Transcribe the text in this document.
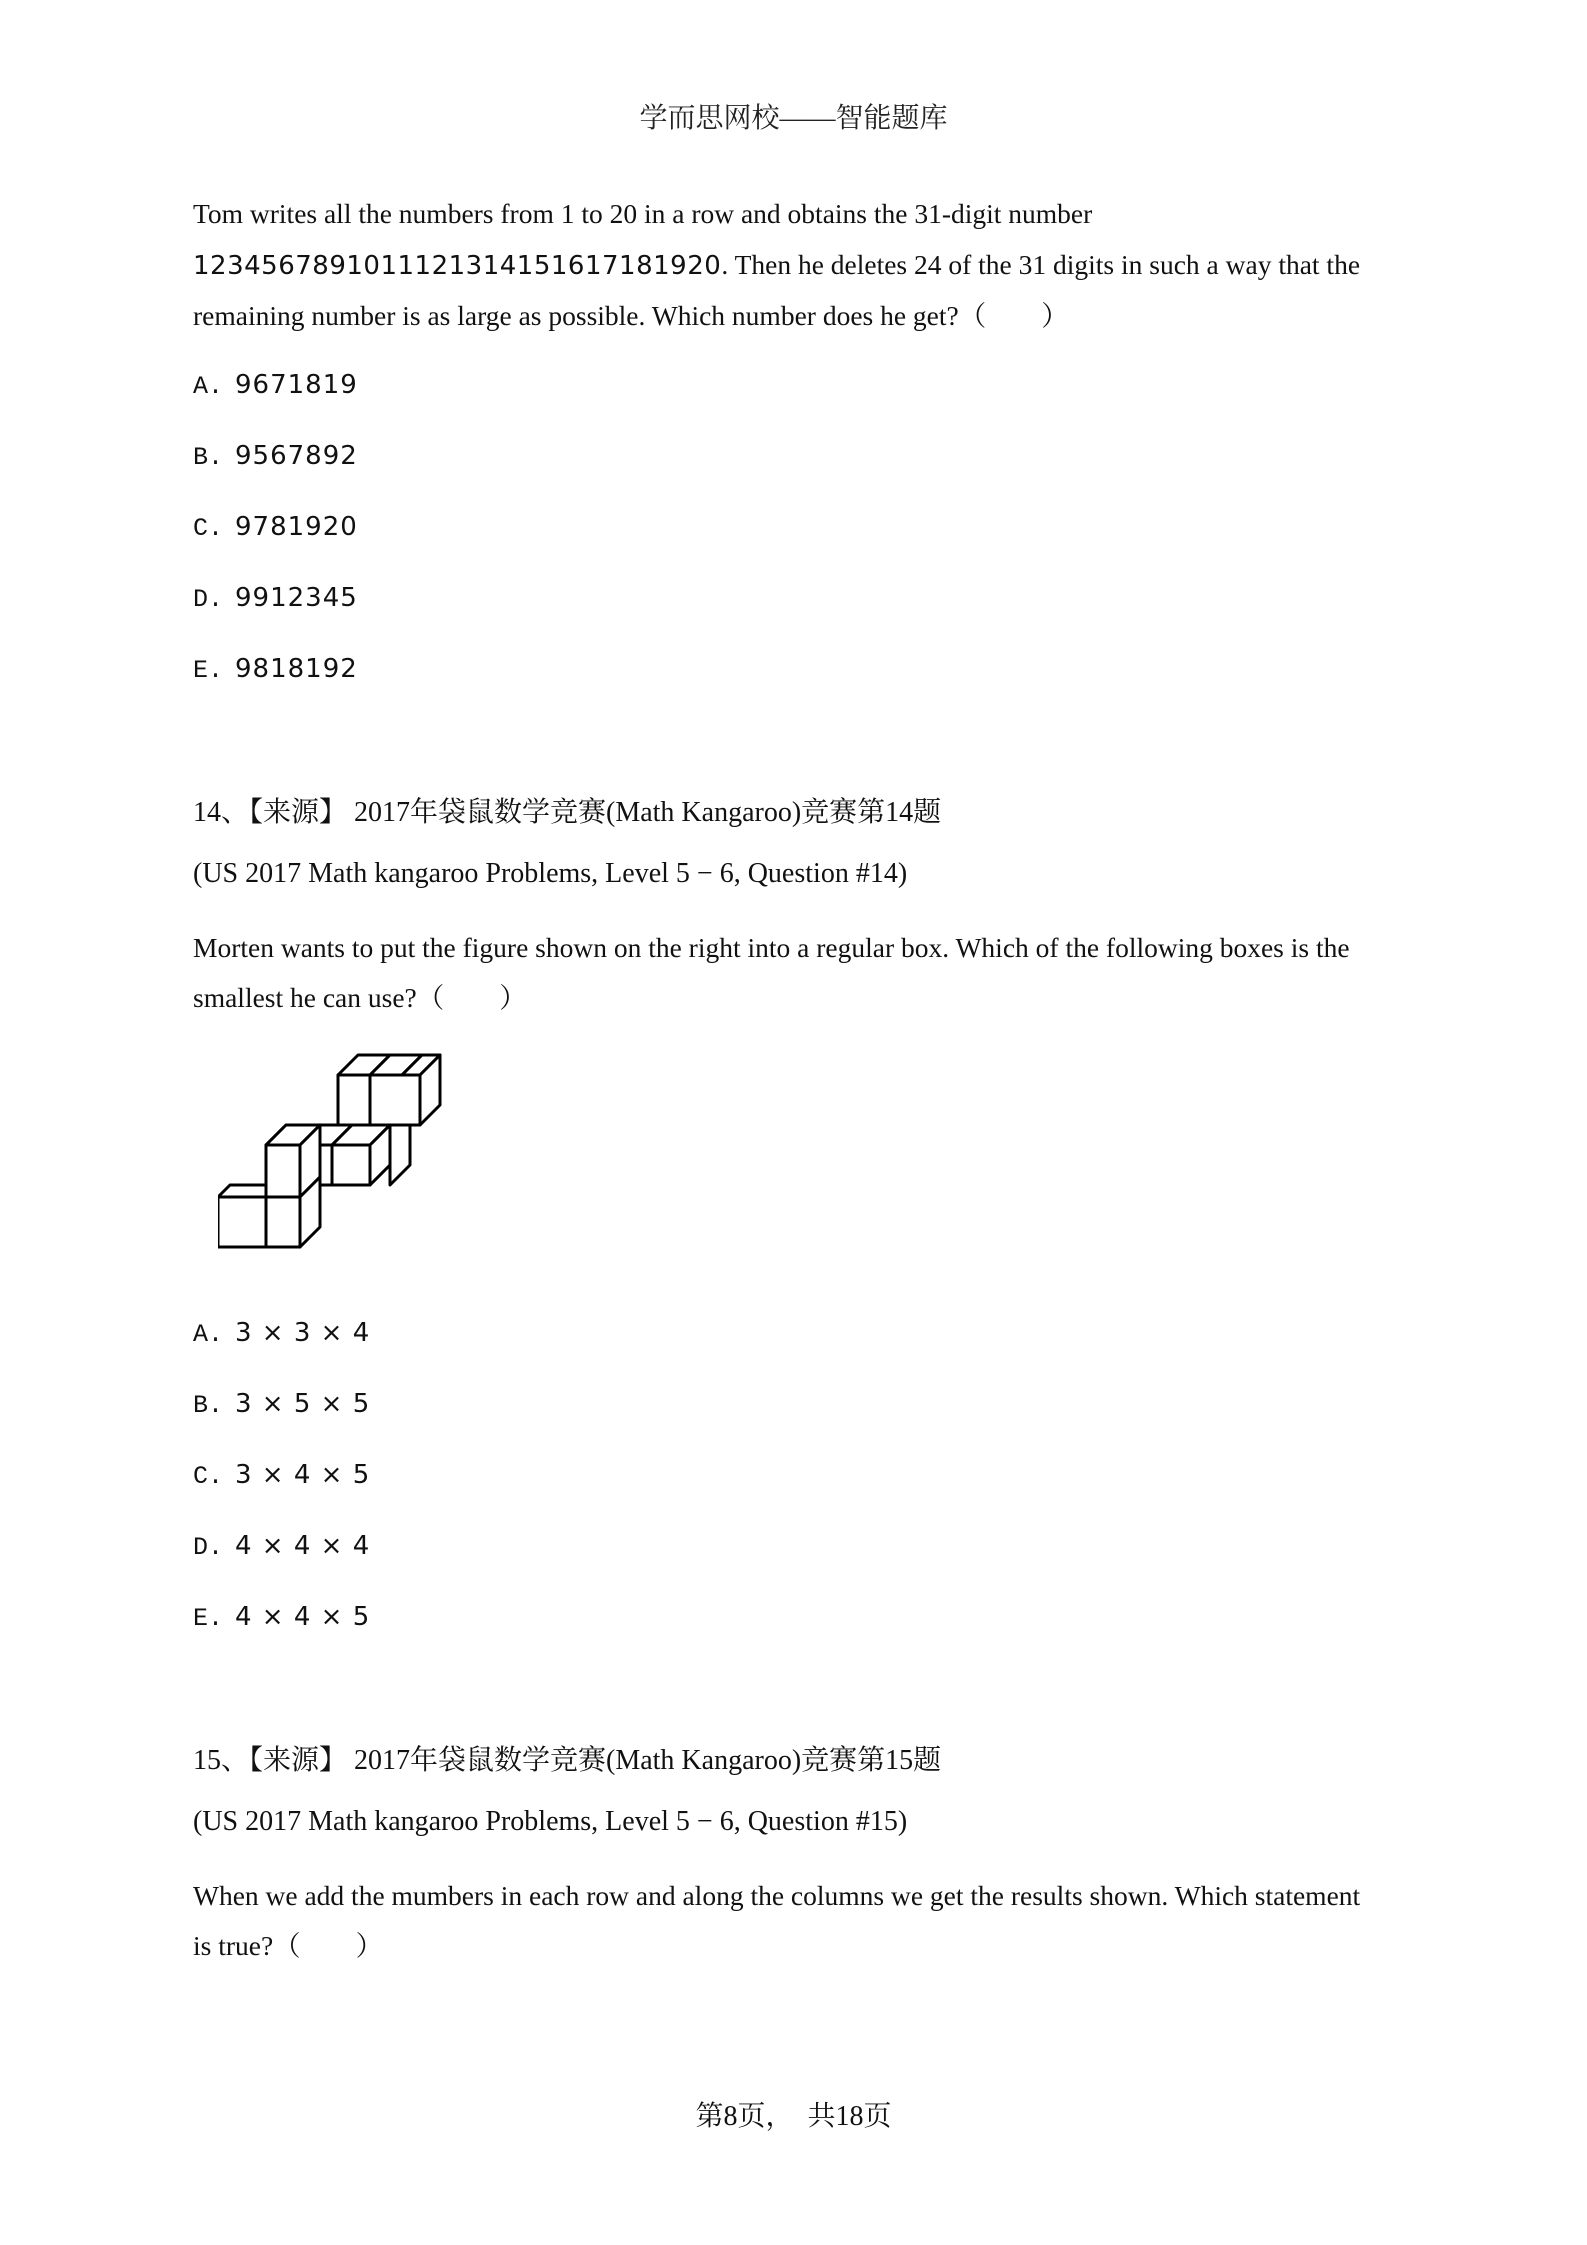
学而思网校——智能题库

Tom writes all the numbers from 1 to 20 in a row and obtains the 31-digit number

1234567891011121314151617181920. Then he deletes 24 of the 31 digits in such a way that the

remaining number is as large as possible. Which number does he get?（　　）

A. 9671819
B. 9567892
C. 9781920
D. 9912345
E. 9818192
14、【来源】 2017年袋鼠数学竞赛(Math Kangaroo)竞赛第14题
(US 2017 Math kangaroo Problems, Level 5 − 6, Question #14)

Morten wants to put the figure shown on the right into a regular box. Which of the following boxes is the

smallest he can use?（　　）

A. 3 × 3 × 4
B. 3 × 5 × 5
C. 3 × 4 × 5
D. 4 × 4 × 4
E. 4 × 4 × 5
15、【来源】 2017年袋鼠数学竞赛(Math Kangaroo)竞赛第15题
(US 2017 Math kangaroo Problems, Level 5 − 6, Question #15)

When we add the mumbers in each row and along the columns we get the results shown. Which statement

is true?（　　）

第8页，　共18页
